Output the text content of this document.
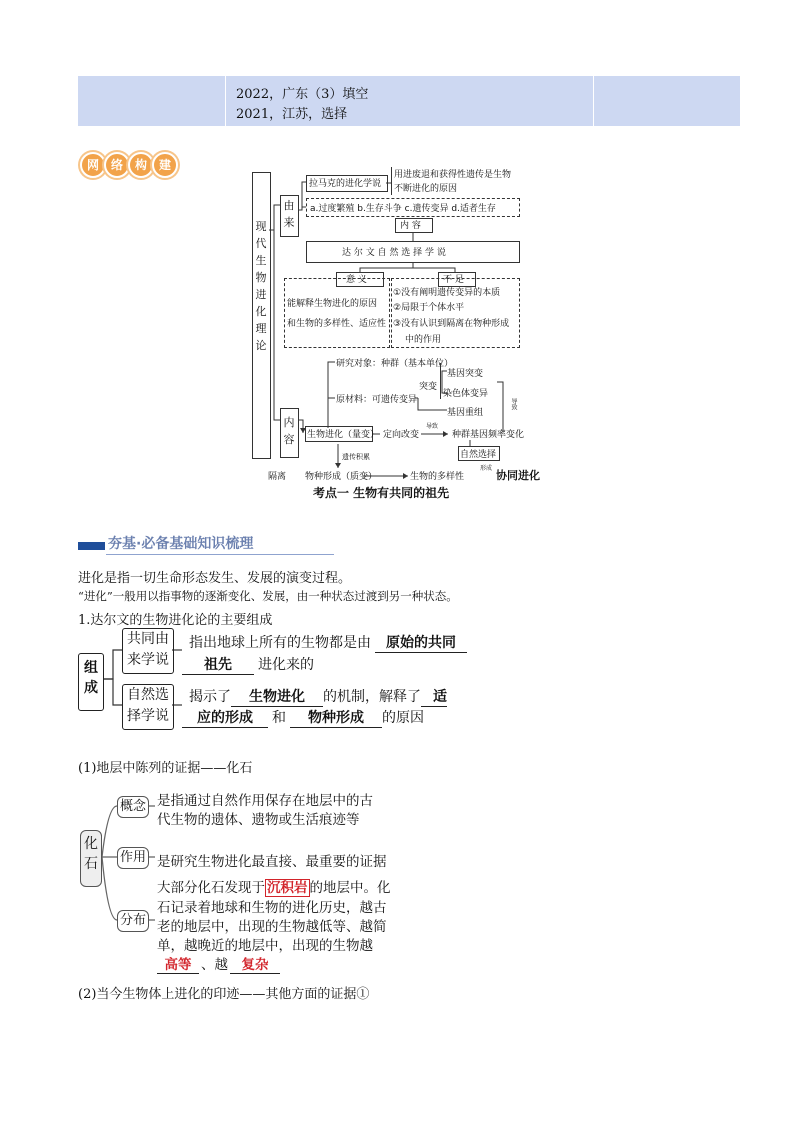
2022，广东（3）填空
2021，江苏，选择
网 络 构 建
现代生物进化理论
由来
拉马克的进化学说
用进废退和获得性遗传是生物
不断进化的原因
a.过度繁殖 b.生存斗争 c.遗传变异 d.适者生存
内 容
达 尔 文 自 然 选 择 学 说
意 义	不 足
能解释生物进化的原因
和生物的多样性、适应性
①没有阐明遗传变异的本质
②局限于个体水平
③没有认识到隔离在物种形成
中的作用
内容
研究对象：种群（基本单位）
原材料：可遗传变异
突变
基因突变
染色体变异
基因重组
生物进化（量变） 定向改变
导致
种群基因频率变化
自然选择
导致
遗传积累
隔离 物种形成（质变）	生物的多样性
形成
协同进化
考点一 生物有共同的祖先
夯基·必备基础知识梳理
进化是指一切生命形态发生、发展的演变过程。
“进化”一般用以指事物的逐渐变化、发展，由一种状态过渡到另一种状态。
1.达尔文的生物进化论的主要组成
组成
共同由
来学说
自然选
择学说
指出地球上所有的生物都是由 原始的共同
祖先 进化来的
揭示了 生物进化 的机制，解释了 适
应的形成 和 物种形成 的原因
(1)地层中陈列的证据——化石
化石
概念
作用
分布
是指通过自然作用保存在地层中的古
代生物的遗体、遗物或生活痕迹等
是研究生物进化最直接、最重要的证据
大部分化石发现于 沉积岩 的地层中。化
石记录着地球和生物的进化历史，越古
老的地层中，出现的生物越低等、越简
单，越晚近的地层中，出现的生物越
高等 、越 复杂
(2)当今生物体上进化的印迹——其他方面的证据①
